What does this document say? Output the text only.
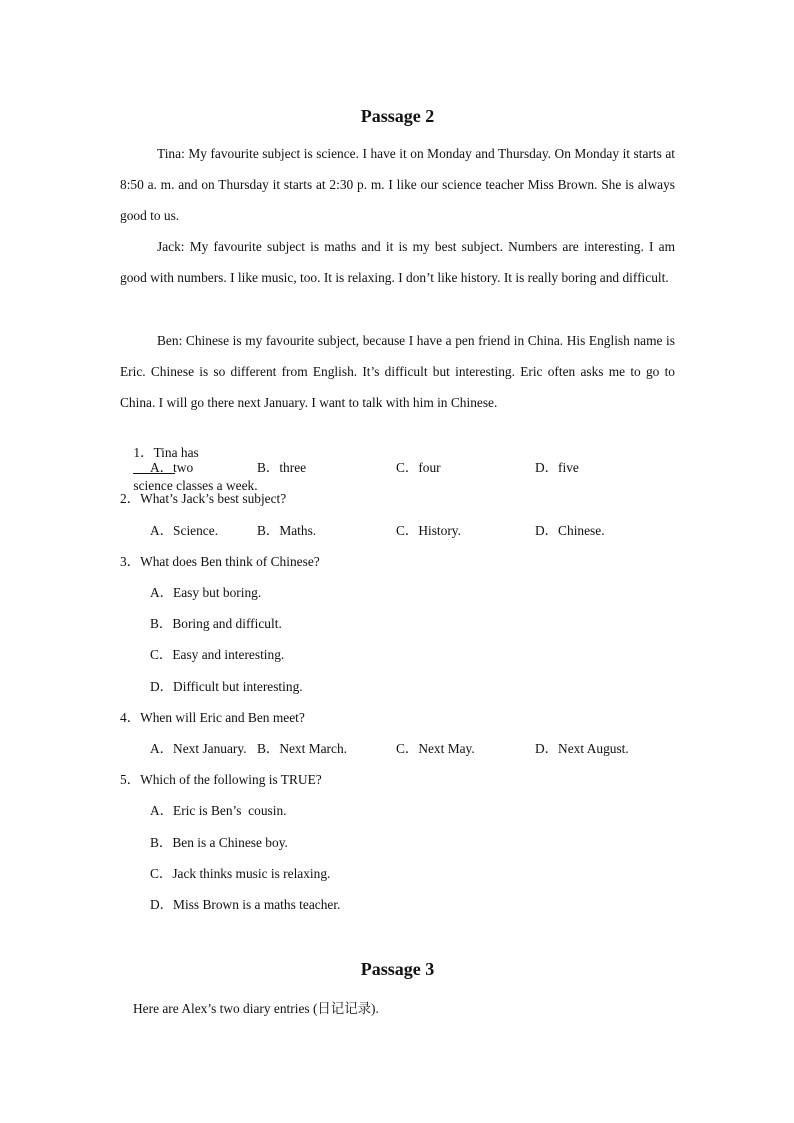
Passage 2

Tina: My favourite subject is science. I have it on Monday and Thursday. On Monday it starts at 8:50 a. m. and on Thursday it starts at 2:30 p. m. I like our science teacher Miss Brown. She is always good to us.

Jack: My favourite subject is maths and it is my best subject. Numbers are interesting. I am good with numbers. I like music, too. It is relaxing. I don’t like history. It is really boring and difficult.

Ben: Chinese is my favourite subject, because I have a pen friend in China. His English name is Eric. Chinese is so different from English. It’s difficult but interesting. Eric often asks me to go to China. I will go there next January. I want to talk with him in Chinese.

1．Tina has

science classes a week.

A．two	B．three	C．four	D．five
2．What’s Jack’s best subject?
A．Science.	B．Maths.	C．History.	D．Chinese.
3．What does Ben think of Chinese?
A．Easy but boring.
B．Boring and difficult.
C．Easy and interesting.
D．Difficult but interesting.
4．When will Eric and Ben meet?
A．Next January. B．Next March.	C．Next May.	D．Next August.
5．Which of the following is TRUE?
A．Eric is Ben’s  cousin.
B．Ben is a Chinese boy.
C．Jack thinks music is relaxing.
D．Miss Brown is a maths teacher.
Passage 3
Here are Alex’s two diary entries (日记记录).
